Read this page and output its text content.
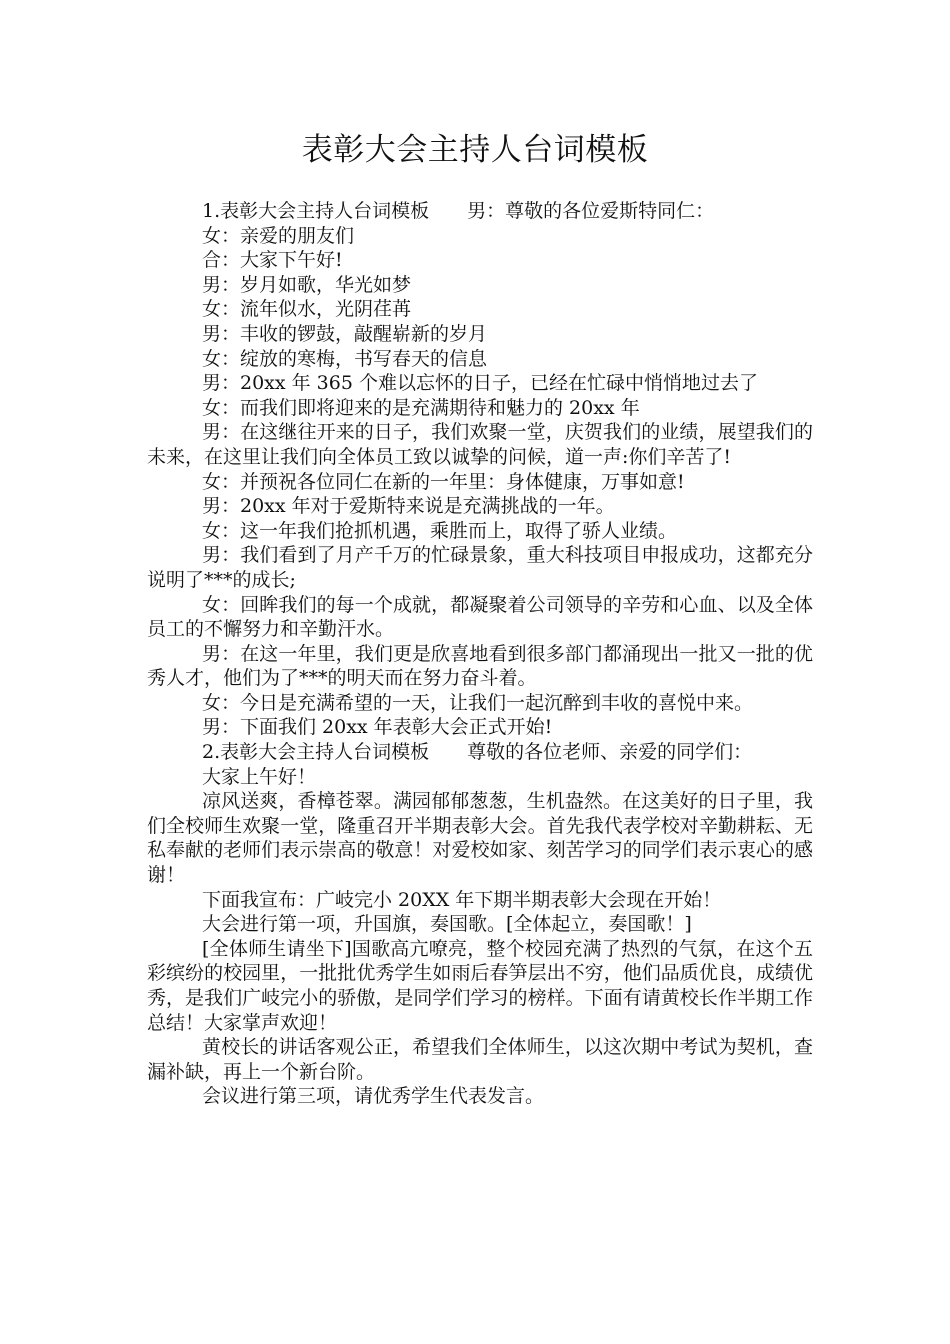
表彰大会主持人台词模板

1.表彰大会主持人台词模板　　男：尊敬的各位爱斯特同仁：

女：亲爱的朋友们

合：大家下午好!

男：岁月如歌，华光如梦

女：流年似水，光阴荏苒

男：丰收的锣鼓，敲醒崭新的岁月

女：绽放的寒梅，书写春天的信息

男：20xx 年 365 个难以忘怀的日子，已经在忙碌中悄悄地过去了

女：而我们即将迎来的是充满期待和魅力的 20xx 年

男：在这继往开来的日子，我们欢聚一堂，庆贺我们的业绩，展望我们的未来，在这里让我们向全体员工致以诚挚的问候，道一声:你们辛苦了!

女：并预祝各位同仁在新的一年里：身体健康，万事如意!

男：20xx 年对于爱斯特来说是充满挑战的一年。

女：这一年我们抢抓机遇，乘胜而上，取得了骄人业绩。

男：我们看到了月产千万的忙碌景象，重大科技项目申报成功，这都充分说明了***的成长;

女：回眸我们的每一个成就，都凝聚着公司领导的辛劳和心血、以及全体员工的不懈努力和辛勤汗水。

男：在这一年里，我们更是欣喜地看到很多部门都涌现出一批又一批的优秀人才，他们为了***的明天而在努力奋斗着。

女：今日是充满希望的一天，让我们一起沉醉到丰收的喜悦中来。

男：下面我们 20xx 年表彰大会正式开始!

2.表彰大会主持人台词模板　　尊敬的各位老师、亲爱的同学们：

大家上午好！

凉风送爽，香樟苍翠。满园郁郁葱葱，生机盎然。在这美好的日子里，我们全校师生欢聚一堂，隆重召开半期表彰大会。首先我代表学校对辛勤耕耘、无私奉献的老师们表示崇高的敬意！对爱校如家、刻苦学习的同学们表示衷心的感谢！

下面我宣布：广岐完小 20XX 年下期半期表彰大会现在开始！

大会进行第一项，升国旗，奏国歌。[全体起立，奏国歌！]

[全体师生请坐下]国歌高亢嘹亮，整个校园充满了热烈的气氛，在这个五彩缤纷的校园里，一批批优秀学生如雨后春笋层出不穷，他们品质优良，成绩优秀，是我们广岐完小的骄傲，是同学们学习的榜样。下面有请黄校长作半期工作总结！大家掌声欢迎！

黄校长的讲话客观公正，希望我们全体师生，以这次期中考试为契机，查漏补缺，再上一个新台阶。

会议进行第三项，请优秀学生代表发言。
